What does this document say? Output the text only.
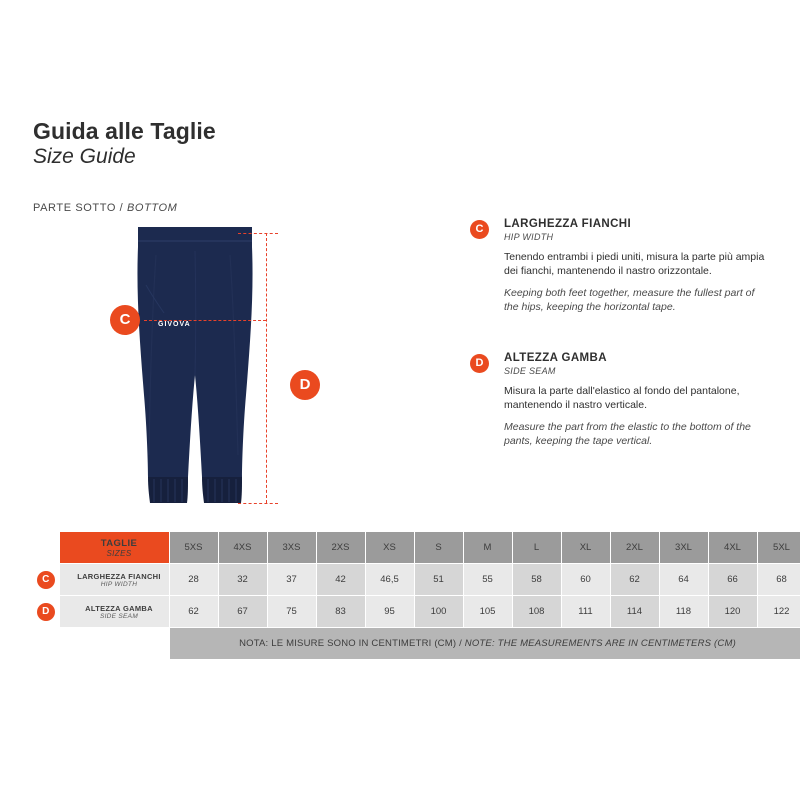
Guida alle Taglie
Size Guide
PARTE SOTTO / BOTTOM
GIVOVA
C
D
C	LARGHEZZA FIANCHI
HIP WIDTH
Tenendo entrambi i piedi uniti, misura la parte più ampia dei fianchi, mantenendo il nastro orizzontale.
Keeping both feet together, measure the fullest part of the hips, keeping the horizontal tape.
D	ALTEZZA GAMBA
SIDE SEAM
Misura la parte dall'elastico al fondo del pantalone, mantenendo il nastro verticale.
Measure the part from the elastic to the bottom of the pants, keeping the tape vertical.

	TAGLIE
SIZES	5XS	4XS	3XS	2XS	XS	S	M	L	XL	2XL	3XL	4XL	5XL
C	LARGHEZZA FIANCHI
HIP WIDTH	28	32	37	42	46,5	51	55	58	60	62	64	66	68
D	ALTEZZA GAMBA
SIDE SEAM	62	67	75	83	95	100	105	108	111	114	118	120	122
		NOTA: LE MISURE SONO IN CENTIMETRI (CM) / NOTE: THE MEASUREMENTS ARE IN CENTIMETERS (CM)												
